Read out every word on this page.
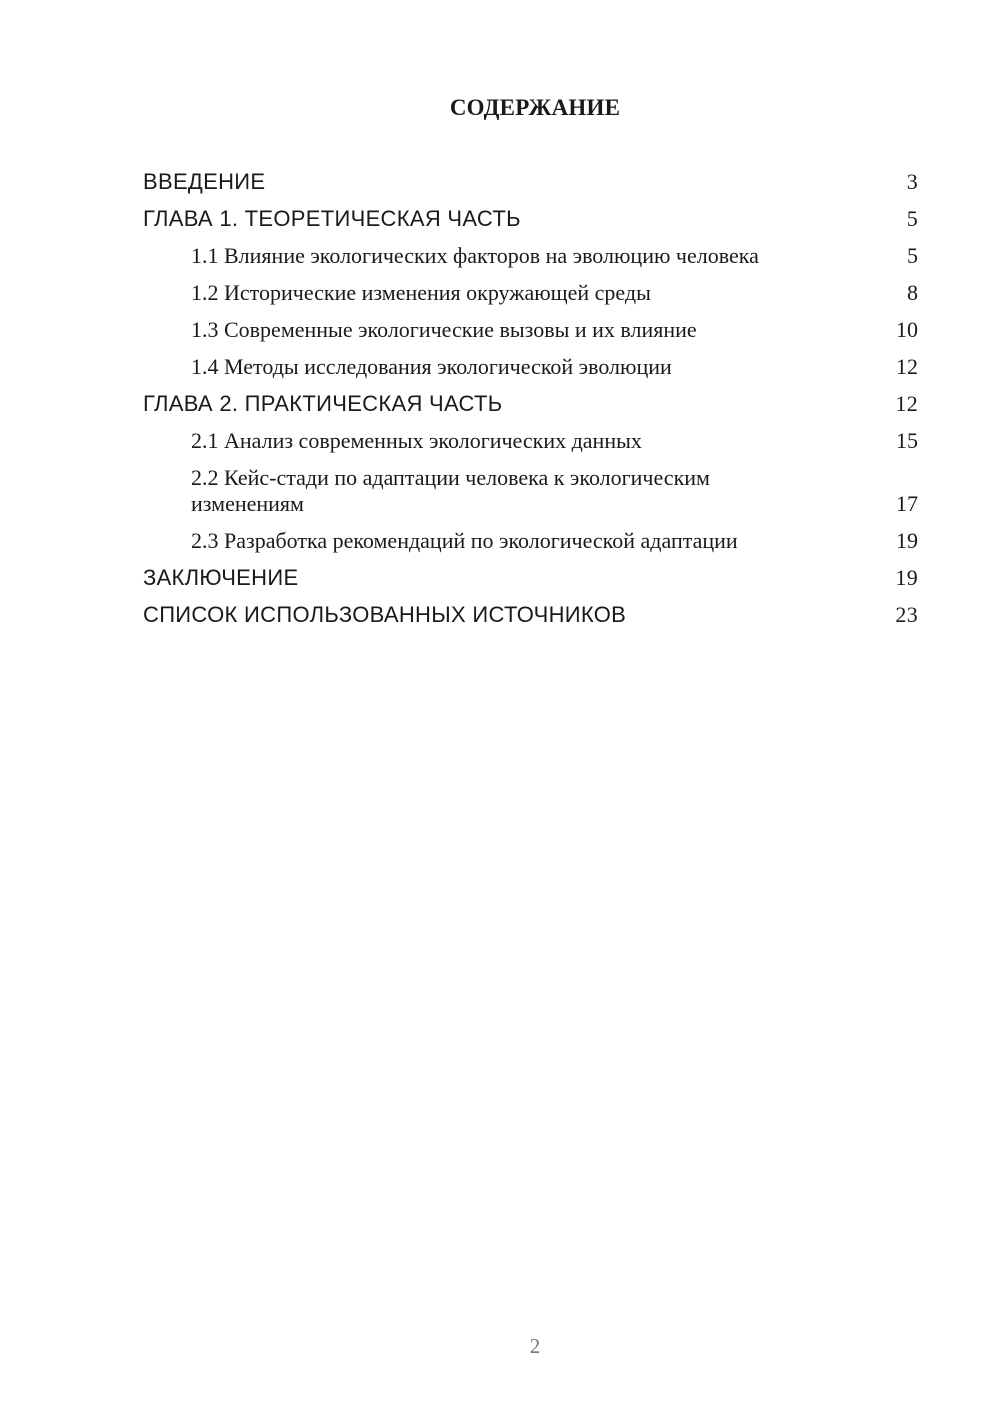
СОДЕРЖАНИЕ
ВВЕДЕНИЕ	3
ГЛАВА 1. ТЕОРЕТИЧЕСКАЯ ЧАСТЬ	5
1.1 Влияние экологических факторов на эволюцию человека	5
1.2 Исторические изменения окружающей среды	8
1.3 Современные экологические вызовы и их влияние	10
1.4 Методы исследования экологической эволюции	12
ГЛАВА 2. ПРАКТИЧЕСКАЯ ЧАСТЬ	12
2.1 Анализ современных экологических данных	15
2.2 Кейс-стади по адаптации человека к экологическим изменениям	17
2.3 Разработка рекомендаций по экологической адаптации	19
ЗАКЛЮЧЕНИЕ	19
СПИСОК ИСПОЛЬЗОВАННЫХ ИСТОЧНИКОВ	23
2
